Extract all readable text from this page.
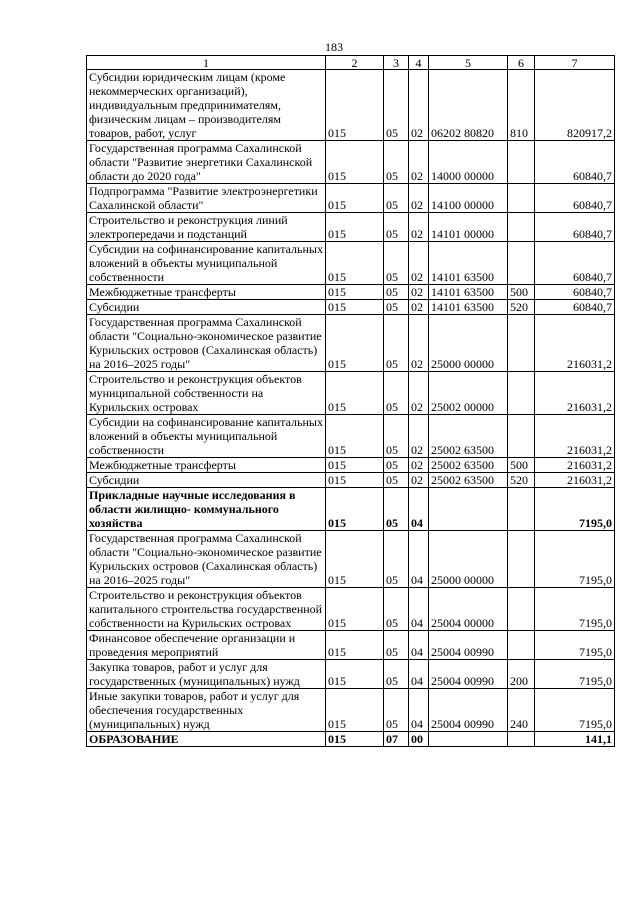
183
1	2	3	4	5	6	7
Субсидии юридическим лицам (кроме некоммерческих организаций), индивидуальным предпринимателям, физическим лицам – производителям товаров, работ, услуг	015	05	02	06202 80820	810	820917,2
Государственная программа Сахалинской области "Развитие энергетики Сахалинской области до 2020 года"	015	05	02	14000 00000		60840,7
Подпрограмма "Развитие электроэнергетики Сахалинской области"	015	05	02	14100 00000		60840,7
Строительство и реконструкция линий электропередачи и подстанций	015	05	02	14101 00000		60840,7
Субсидии на софинансирование капитальных вложений в объекты муниципальной собственности	015	05	02	14101 63500		60840,7
Межбюджетные трансферты	015	05	02	14101 63500	500	60840,7
Субсидии	015	05	02	14101 63500	520	60840,7
Государственная программа Сахалинской области "Социально-экономическое развитие Курильских островов (Сахалинская область) на 2016–2025 годы"	015	05	02	25000 00000		216031,2
Строительство и реконструкция объектов муниципальной собственности на Курильских островах	015	05	02	25002 00000		216031,2
Субсидии на софинансирование капитальных вложений в объекты муниципальной собственности	015	05	02	25002 63500		216031,2
Межбюджетные трансферты	015	05	02	25002 63500	500	216031,2
Субсидии	015	05	02	25002 63500	520	216031,2
Прикладные научные исследования в области жилищно- коммунального хозяйства	015	05	04			7195,0
Государственная программа Сахалинской области "Социально-экономическое развитие Курильских островов (Сахалинская область) на 2016–2025 годы"	015	05	04	25000 00000		7195,0
Строительство и реконструкция объектов капитального строительства государственной собственности на Курильских островах	015	05	04	25004 00000		7195,0
Финансовое обеспечение организации и проведения мероприятий	015	05	04	25004 00990		7195,0
Закупка товаров, работ и услуг для государственных (муниципальных) нужд	015	05	04	25004 00990	200	7195,0
Иные закупки товаров, работ и услуг для обеспечения государственных (муниципальных) нужд	015	05	04	25004 00990	240	7195,0
ОБРАЗОВАНИЕ	015	07	00			141,1
